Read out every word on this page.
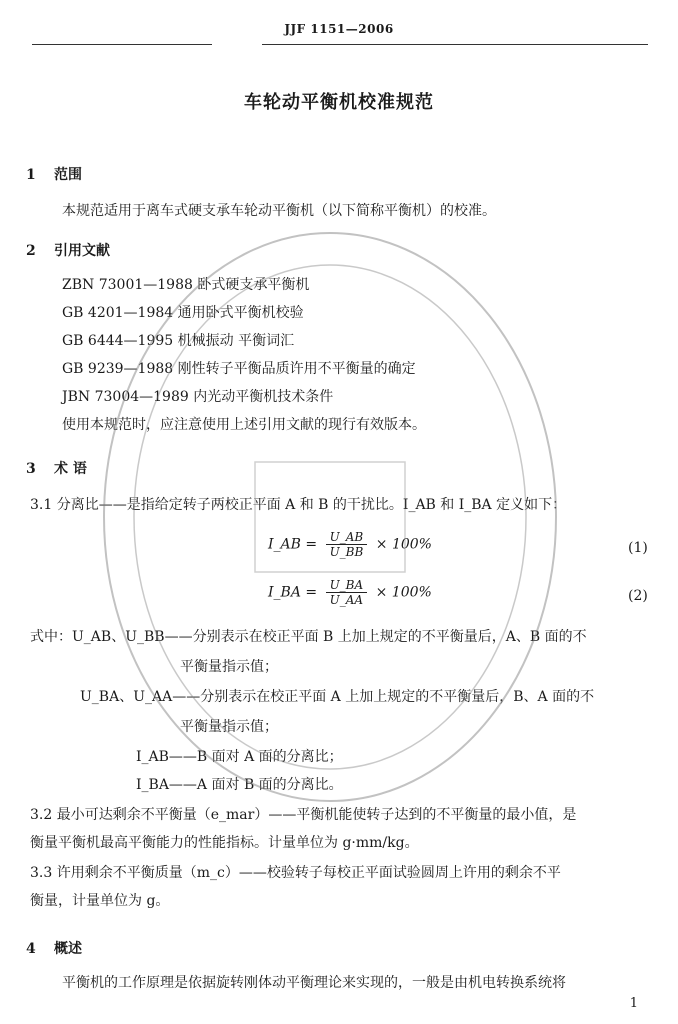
JJF 1151—2006
车轮动平衡机校准规范
1 范围
本规范适用于离车式硬支承车轮动平衡机（以下简称平衡机）的校准。
2 引用文献
ZBN 73001—1988 卧式硬支承平衡机
GB 4201—1984 通用卧式平衡机校验
GB 6444—1995 机械振动 平衡词汇
GB 9239—1988 刚性转子平衡品质许用不平衡量的确定
JBN 73004—1989 内光动平衡机技术条件
使用本规范时，应注意使用上述引用文献的现行有效版本。
3 术 语
3.1 分离比——是指给定转子两校正平面 A 和 B 的干扰比。I_AB 和 I_BA 定义如下：
I_AB = $\frac{U\_AB}{U\_BB} \times 100\%$	(1)
I_BA = $\frac{U\_BA}{U\_AA} \times 100\%$	(2)
式中：U_AB、U_BB——分别表示在校正平面 B 上加上规定的不平衡量后，A、B 面的不
平衡量指示值；
U_BA、U_AA——分别表示在校正平面 A 上加上规定的不平衡量后，B、A 面的不
平衡量指示值；
I_AB——B 面对 A 面的分离比；
I_BA——A 面对 B 面的分离比。
3.2 最小可达剩余不平衡量（e_mar）——平衡机能使转子达到的不平衡量的最小值，是
衡量平衡机最高平衡能力的性能指标。计量单位为 g·mm/kg。
3.3 许用剩余不平衡质量（m_c）——校验转子每校正平面试验圆周上许用的剩余不平
衡量，计量单位为 g。
4 概述
平衡机的工作原理是依据旋转刚体动平衡理论来实现的，一般是由机电转换系统将
1
